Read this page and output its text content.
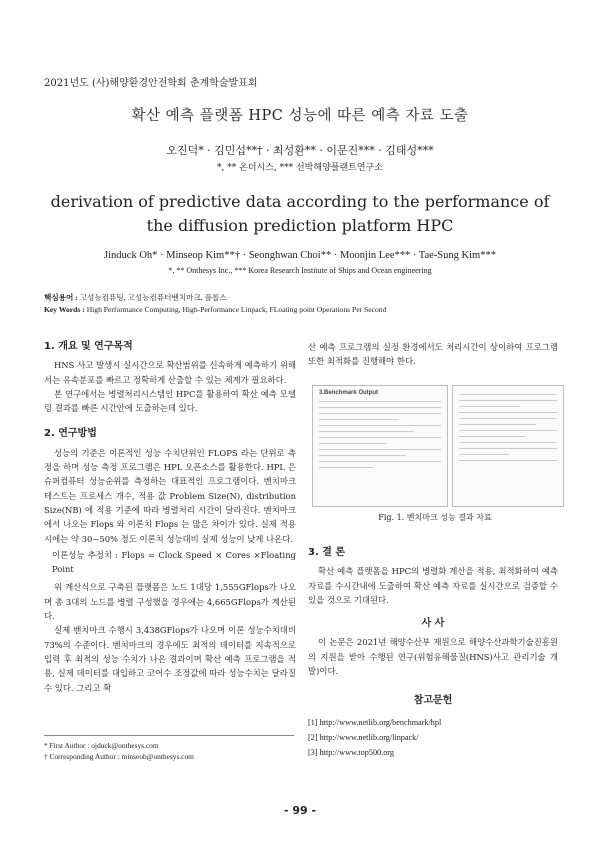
2021년도 (사)해양환경안전학회 춘계학술발표회
확산 예측 플랫폼 HPC 성능에 따른 예측 자료 도출
오진덕* · 김민섭**† · 최성환** · 이문진*** · 김태성***
*, ** 온더시스, *** 선박해양플랜트연구소
derivation of predictive data according to the performance of the diffusion prediction platform HPC
Jinduck Oh* · Minseop Kim**† · Seonghwan Choi** · Moonjin Lee*** · Tae-Sung Kim***
*, ** Onthesys Inc., *** Korea Research Institute of Ships and Ocean engineering
핵심용어 : 고성능컴퓨팅, 고성능컴퓨터벤치마크, 플롭스
Key Words : High Performance Computing, High-Performance Linpack, FLoating point Operations Per Second
1. 개요 및 연구목적

HNS 사고 발생시 실시간으로 확산범위를 신속하게 예측하기 위해서는 유속분포를 빠르고 정확하게 산출할 수 있는 체계가 필요하다.

본 연구에서는 병렬처리시스템인 HPC를 활용하여 확산 예측 모델링 결과를 빠른 시간안에 도출하는데 있다.

2. 연구방법

성능의 기준은 이론적인 성능 수치단위인 FLOPS 라는 단위로 측정을 하며 성능 측정 프로그램은 HPL 오픈소스를 활용한다. HPL 은 슈퍼컴퓨터 성능순위를 측정하는 대표적인 프로그램이다. 벤치마크 테스트는 프로세스 개수, 적용 값 Problem Size(N), distribution Size(NB) 에 적용 기준에 따라 병렬처리 시간이 달라진다. 벤치마크에서 나오는 Flops 와 이론치 Flops 는 많은 차이가 있다. 실제 적용시에는 약 30~50% 정도 이론치 성능대비 실제 성능이 낮게 나온다.

이론성능 추정치 : Flops = Clock Speed × Cores ×Floating Point

위 계산식으로 구축된 플랫폼은 노드 1대당 1,555GFlops가 나오며 총 3대의 노드를 병렬 구성했을 경우에는 4,665GFlops가 계산된다.

실제 벤치마크 수행시 3,438GFlops가 나오며 이론 성능수치대비 73%의 수준이다. 벤치마크의 경우에도 최적의 데이터를 지속적으로 입력 후 최적의 성능 수치가 나온 결과이며 확산 예측 프로그램을 적용, 실제 데이터를 대입하고 코어수 조정값에 따라 성능수치는 달라질 수 있다. 그리고 확

산 예측 프로그램의 실정 환경에서도 처리시간이 상이하여 프로그램 또한 최적화를 진행해야 한다.

3.Benchmark Output
Fig. 1. 벤치마크 성능 결과 자료
3. 결 론

확산 예측 플랫폼을 HPC의 병렬화 계산을 적용, 최적화하여 예측 자료를 수시간내에 도출하여 확산 예측 자료를 실시간으로 검증할 수 있을 것으로 기대된다.

사 사

이 논문은 2021년 해양수산부 재원으로 해양수산과학기술진흥원의 지원을 받아 수행된 연구(위험유해물질(HNS)사고 관리기술 개발)이다.

참고문헌
[1] http://www.netlib.org/benchmark/hpl
[2] http://www.netlib.org/linpack/
[3] http://www.top500.org
* First Author : ojduck@onthesys.com
† Corresponding Author : minseob@onthesys.com
- 99 -
